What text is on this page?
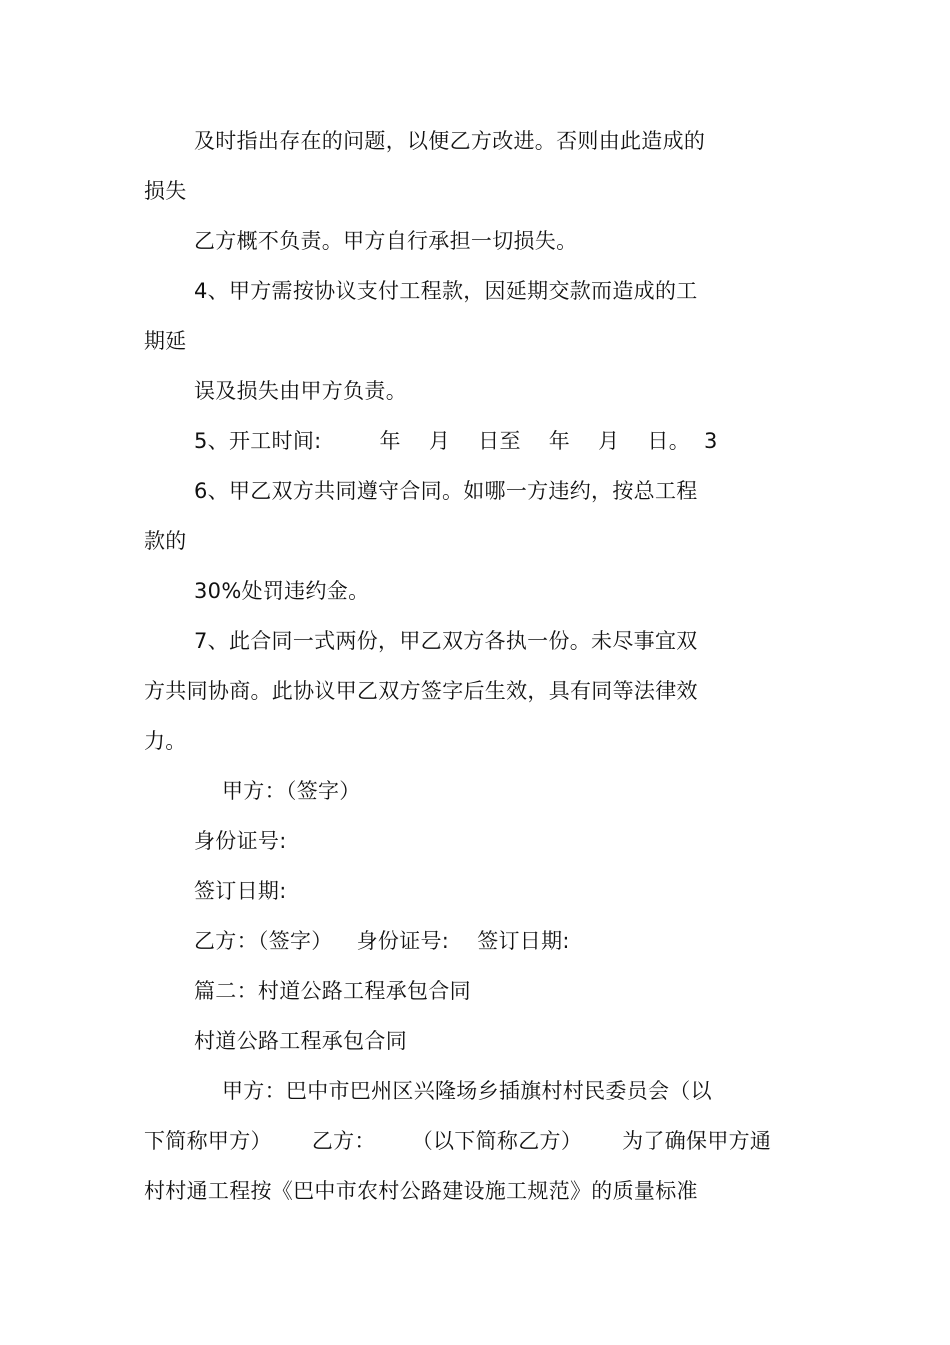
及时指出存在的问题，以便乙方改进。否则由此造成的
损失
乙方概不负责。甲方自行承担一切损失。
4、甲方需按协议支付工程款，因延期交款而造成的工
期延
误及损失由甲方负责。
5、开工时间:	年 月 日至 年 月 日。 3
6、甲乙双方共同遵守合同。如哪一方违约，按总工程
款的
30%处罚违约金。
7、此合同一式两份，甲乙双方各执一份。未尽事宜双
方共同协商。此协议甲乙双方签字后生效，具有同等法律效
力。
甲方：（签字）
身份证号:
签订日期:
乙方：（签字） 身份证号: 签订日期:
篇二：村道公路工程承包合同
村道公路工程承包合同
甲方：巴中市巴州区兴隆场乡插旗村村民委员会（以
下简称甲方） 乙方： （以下简称乙方） 为了确保甲方通
村村通工程按《巴中市农村公路建设施工规范》的质量标准
